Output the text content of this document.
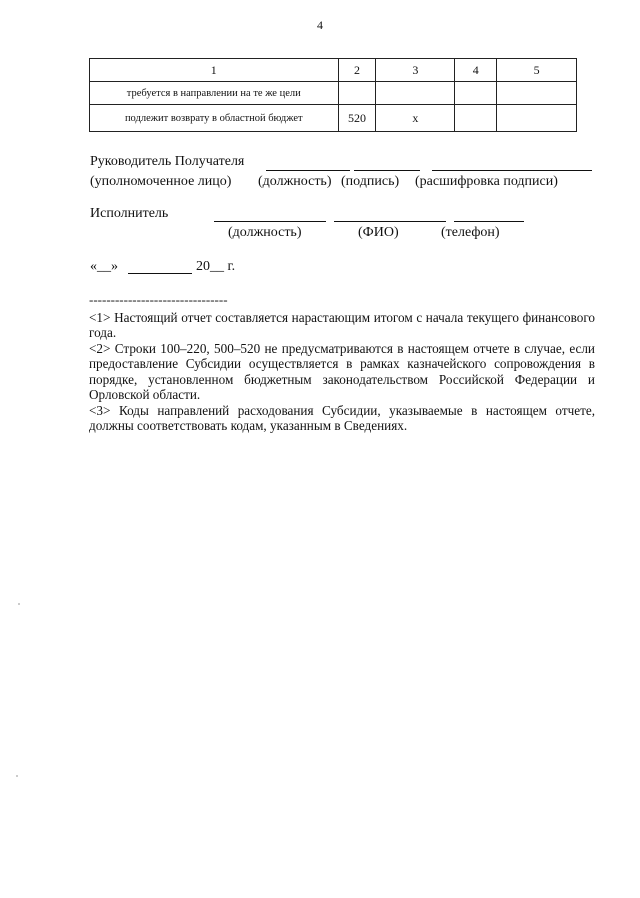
4
1	2	3	4	5
требуется в направлении на те же цели				
подлежит возврату в областной бюджет	520	x		
Руководитель Получателя
(уполномоченное лицо) (должность) (подпись) (расшифровка подписи)
Исполнитель
(должность)	(ФИО)	(телефон)
«__»	20__ г.
--------------------------------

<1> Настоящий отчет составляется нарастающим итогом с начала текущего финансового года.

<2> Строки 100–220, 500–520 не предусматриваются в настоящем отчете в случае, если предоставление Субсидии осуществляется в рамках казначейского сопровождения в порядке, установленном бюджетным законодательством Российской Федерации и Орловской области.

<3> Коды направлений расходования Субсидии, указываемые в настоящем отчете, должны соответствовать кодам, указанным в Сведениях.
